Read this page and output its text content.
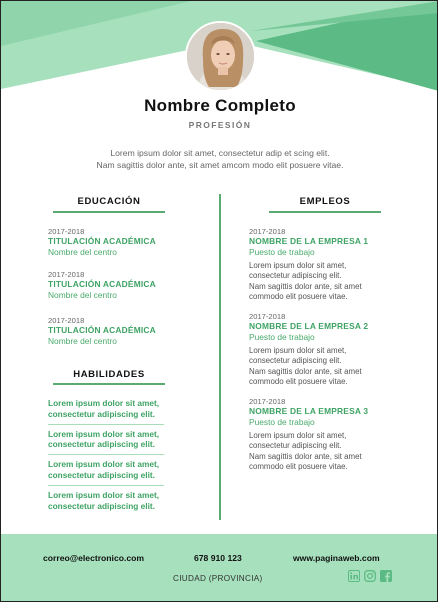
Nombre Completo
PROFESIÓN
Lorem ipsum dolor sit amet, consectetur adip et scing elit.
Nam sagittis dolor ante, sit amet amcom modo elit posuere vitae.
EDUCACIÓN
2017-2018
TITULACIÓN ACADÉMICA
Nombre del centro
2017-2018
TITULACIÓN ACADÉMICA
Nombre del centro
2017-2018
TITULACIÓN ACADÉMICA
Nombre del centro
HABILIDADES
Lorem ipsum dolor sit amet,
consectetur adipiscing elit.
Lorem ipsum dolor sit amet,
consectetur adipiscing elit.
Lorem ipsum dolor sit amet,
consectetur adipiscing elit.
Lorem ipsum dolor sit amet,
consectetur adipiscing elit.
EMPLEOS
2017-2018
NOMBRE DE LA EMPRESA 1
Puesto de trabajo
Lorem ipsum dolor sit amet,
consectetur adipiscing elit.
Nam sagittis dolor ante, sit amet
commodo elit posuere vitae.
2017-2018
NOMBRE DE LA EMPRESA 2
Puesto de trabajo
Lorem ipsum dolor sit amet,
consectetur adipiscing elit.
Nam sagittis dolor ante, sit amet
commodo elit posuere vitae.
2017-2018
NOMBRE DE LA EMPRESA 3
Puesto de trabajo
Lorem ipsum dolor sit amet,
consectetur adipiscing elit.
Nam sagittis dolor ante, sit amet
commodo elit posuere vitae.
correo@electronico.com	678 910 123	www.paginaweb.com
CIUDAD (PROVINCIA)
